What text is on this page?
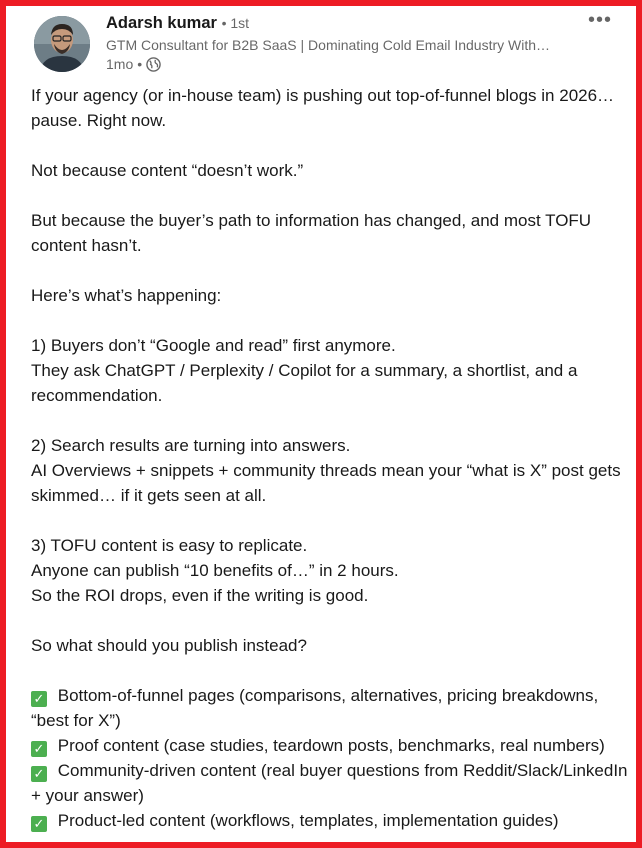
Adarsh kumar • 1st
GTM Consultant for B2B SaaS | Dominating Cold Email Industry With…
1mo •
•••

If your agency (or in-house team) is pushing out top-of-funnel blogs in 2026… pause. Right now.

Not because content “doesn’t work.”

But because the buyer’s path to information has changed, and most TOFU content hasn’t.

Here’s what’s happening:

1) Buyers don’t “Google and read” first anymore.
They ask ChatGPT / Perplexity / Copilot for a summary, a shortlist, and a recommendation.

2) Search results are turning into answers.
AI Overviews + snippets + community threads mean your “what is X” post gets skimmed… if it gets seen at all.

3) TOFU content is easy to replicate.
Anyone can publish “10 benefits of…” in 2 hours.
So the ROI drops, even if the writing is good.

So what should you publish instead?

✓ Bottom-of-funnel pages (comparisons, alternatives, pricing breakdowns, “best for X”)
✓ Proof content (case studies, teardown posts, benchmarks, real numbers)
✓ Community-driven content (real buyer questions from Reddit/Slack/LinkedIn + your answer)
✓ Product-led content (workflows, templates, implementation guides)
